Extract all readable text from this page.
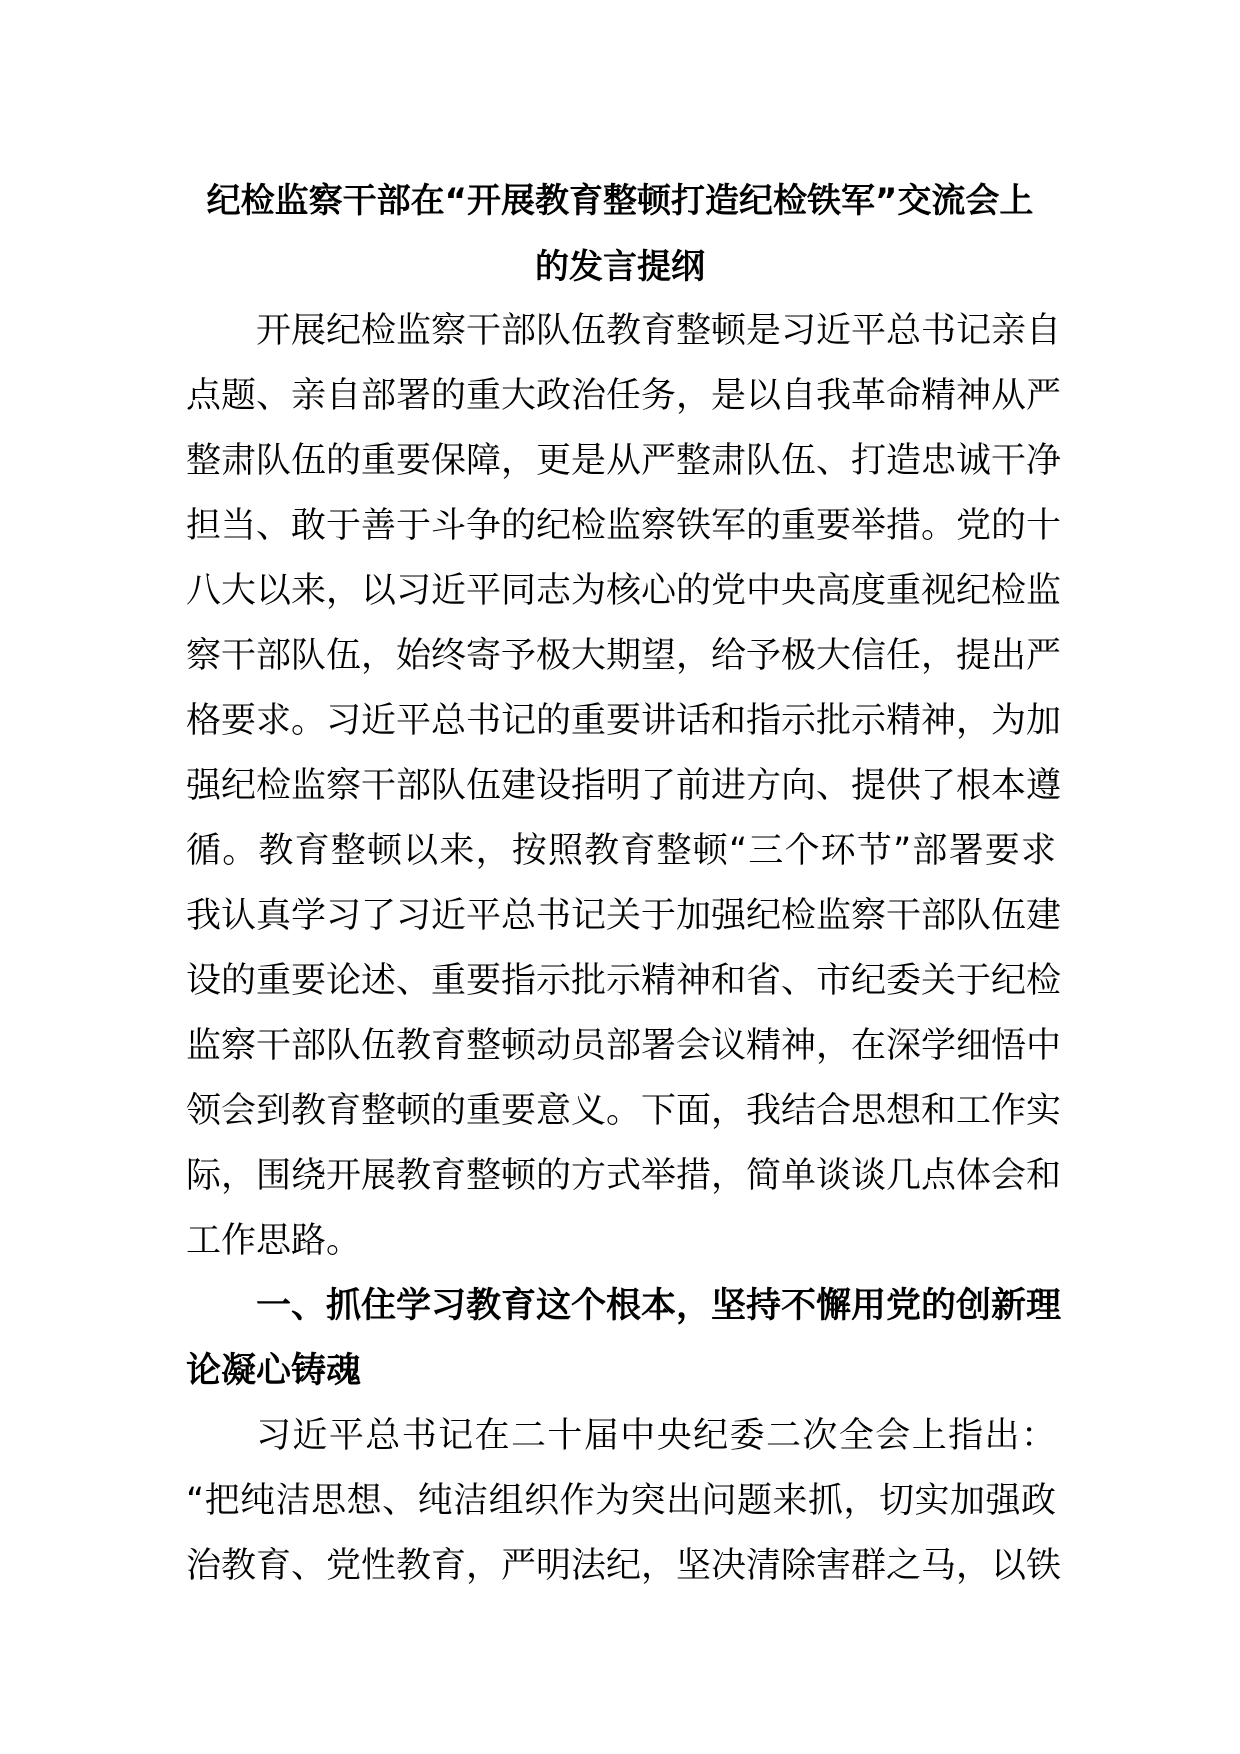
纪检监察干部在“开展教育整顿打造纪检铁军”交流会上
的发言提纲
开展纪检监察干部队伍教育整顿是习近平总书记亲自
点题、亲自部署的重大政治任务，是以自我革命精神从严
整肃队伍的重要保障，更是从严整肃队伍、打造忠诚干净
担当、敢于善于斗争的纪检监察铁军的重要举措。党的十
八大以来，以习近平同志为核心的党中央高度重视纪检监
察干部队伍，始终寄予极大期望，给予极大信任，提出严
格要求。习近平总书记的重要讲话和指示批示精神，为加
强纪检监察干部队伍建设指明了前进方向、提供了根本遵
循。教育整顿以来，按照教育整顿“三个环节”部署要求
我认真学习了习近平总书记关于加强纪检监察干部队伍建
设的重要论述、重要指示批示精神和省、市纪委关于纪检
监察干部队伍教育整顿动员部署会议精神，在深学细悟中
领会到教育整顿的重要意义。下面，我结合思想和工作实
际，围绕开展教育整顿的方式举措，简单谈谈几点体会和
工作思路。
一、抓住学习教育这个根本，坚持不懈用党的创新理
论凝心铸魂
习近平总书记在二十届中央纪委二次全会上指出：
“把纯洁思想、纯洁组织作为突出问题来抓，切实加强政
治教育、党性教育，严明法纪，坚决清除害群之马，以铁
